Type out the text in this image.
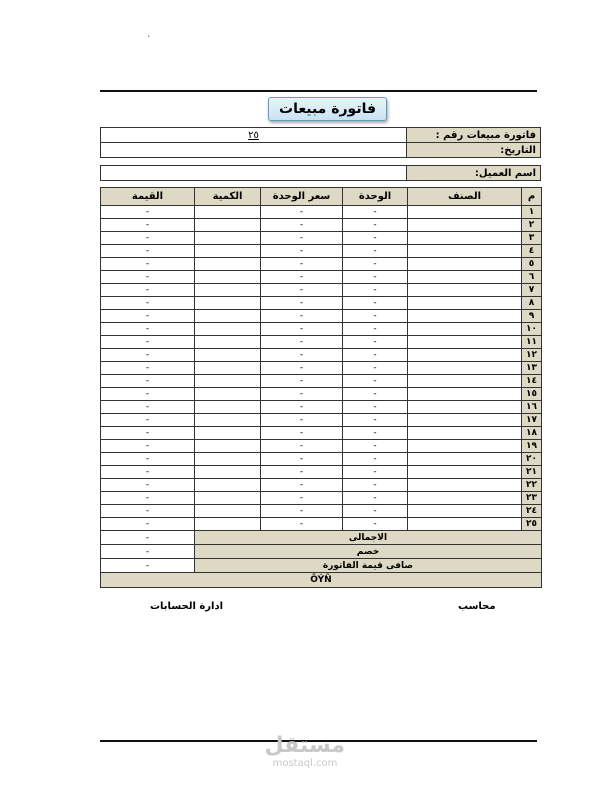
ˎ
فاتورة مبيعات
فاتورة مبيعات رقم :	٢٥
التاريخ:	
اسم العميل:	
م	الصنف	الوحدة	سعر الوحدة	الكمية	القيمة
١		-	-		-
٢		-	-		-
٣		-	-		-
٤		-	-		-
٥		-	-		-
٦		-	-		-
٧		-	-		-
٨		-	-		-
٩		-	-		-
١٠		-	-		-
١١		-	-		-
١٢		-	-		-
١٣		-	-		-
١٤		-	-		-
١٥		-	-		-
١٦		-	-		-
١٧		-	-		-
١٨		-	-		-
١٩		-	-		-
٢٠		-	-		-
٢١		-	-		-
٢٢		-	-		-
٢٣		-	-		-
٢٤		-	-		-
٢٥		-	-		-
الاجمالى					-
خصم					-
صافى قيمة الفاتورة					-
ÔÝÑ					
محاسب
ادارة الحسابات
مستقل
mostaql.com
